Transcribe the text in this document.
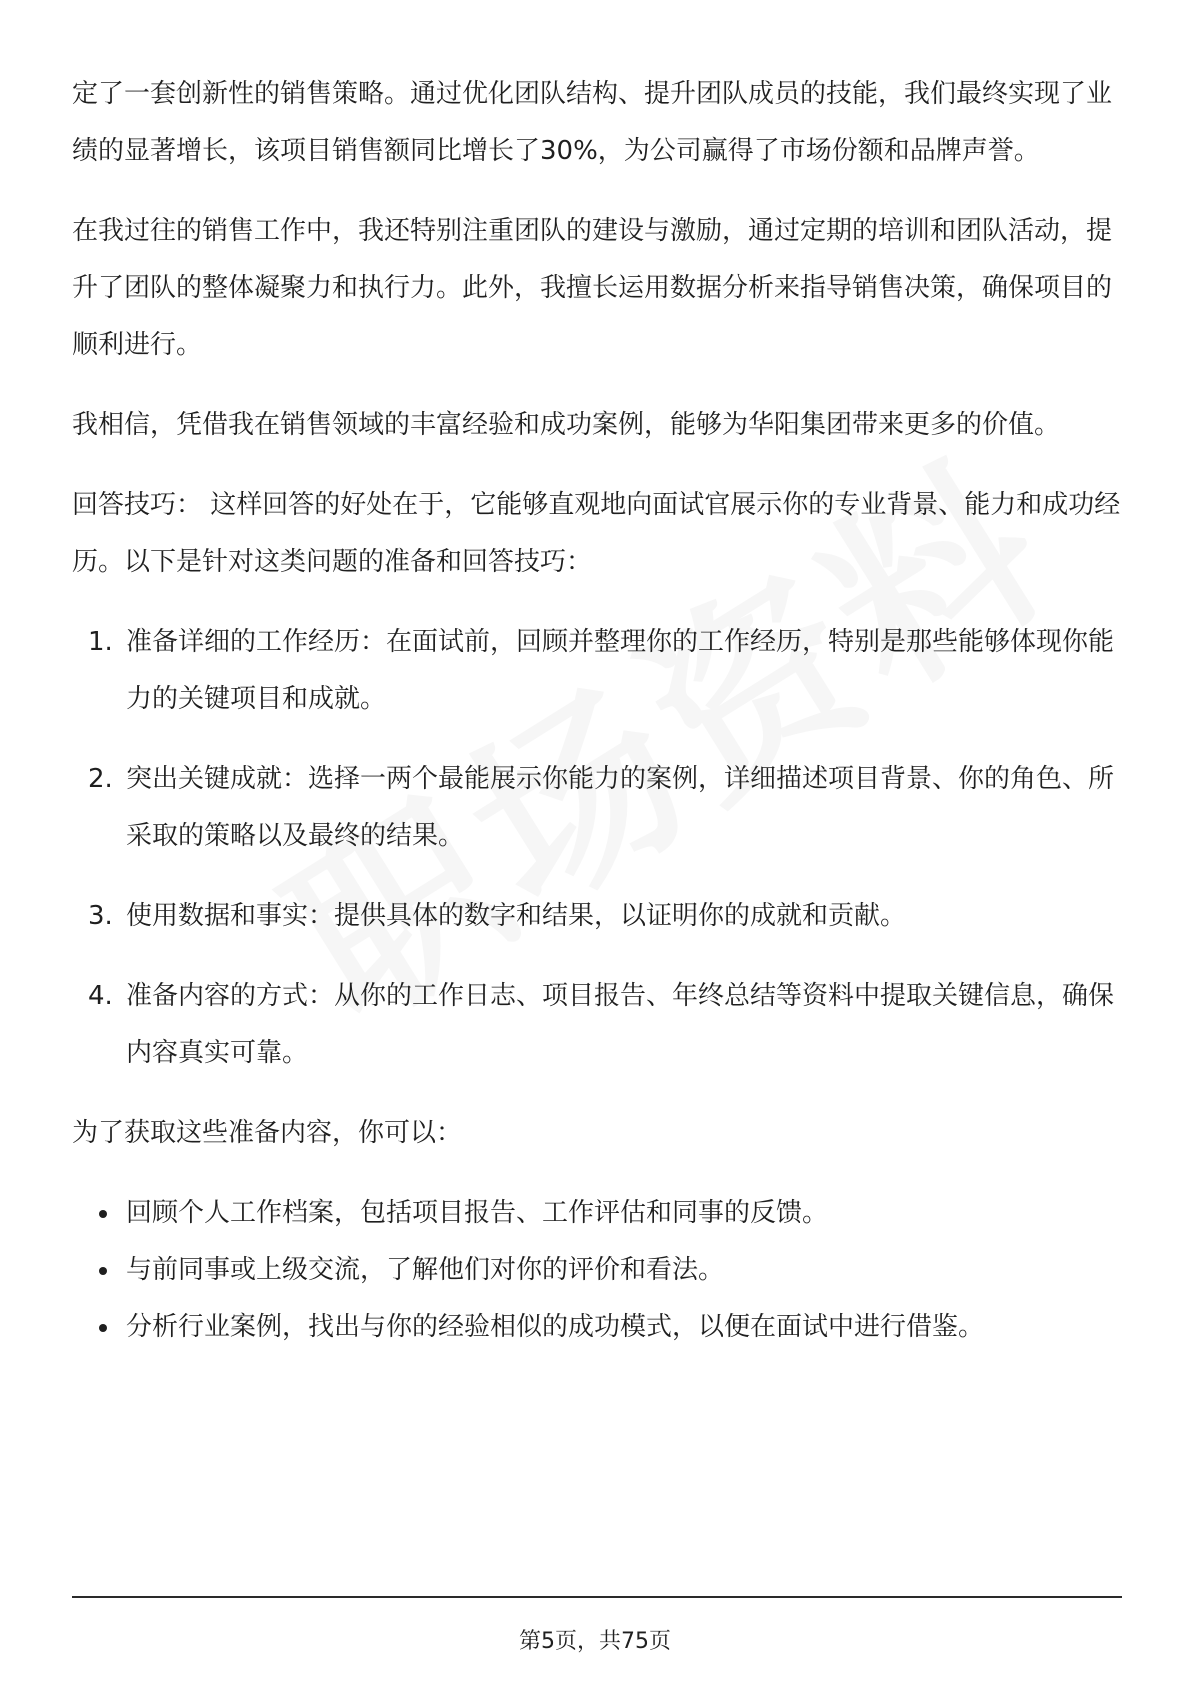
定了一套创新性的销售策略。通过优化团队结构、提升团队成员的技能，我们最终实现了业绩的显著增长，该项目销售额同比增长了30%，为公司赢得了市场份额和品牌声誉。

在我过往的销售工作中，我还特别注重团队的建设与激励，通过定期的培训和团队活动，提升了团队的整体凝聚力和执行力。此外，我擅长运用数据分析来指导销售决策，确保项目的顺利进行。

我相信，凭借我在销售领域的丰富经验和成功案例，能够为华阳集团带来更多的价值。

回答技巧： 这样回答的好处在于，它能够直观地向面试官展示你的专业背景、能力和成功经历。以下是针对这类问题的准备和回答技巧：

1. 准备详细的工作经历：在面试前，回顾并整理你的工作经历，特别是那些能够体现你能力的关键项目和成就。
2. 突出关键成就：选择一两个最能展示你能力的案例，详细描述项目背景、你的角色、所采取的策略以及最终的结果。
3. 使用数据和事实：提供具体的数字和结果，以证明你的成就和贡献。
4. 准备内容的方式：从你的工作日志、项目报告、年终总结等资料中提取关键信息，确保内容真实可靠。

为了获取这些准备内容，你可以：

回顾个人工作档案，包括项目报告、工作评估和同事的反馈。
与前同事或上级交流，了解他们对你的评价和看法。
分析行业案例，找出与你的经验相似的成功模式，以便在面试中进行借鉴。
第5页，共75页
